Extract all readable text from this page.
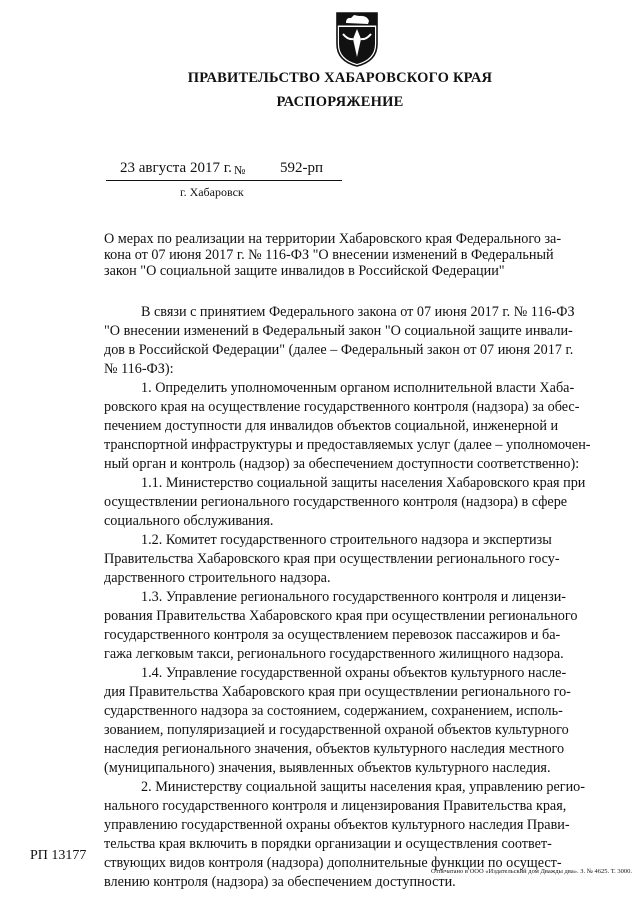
ПРАВИТЕЛЬСТВО ХАБАРОВСКОГО КРАЯ
РАСПОРЯЖЕНИЕ
23 августа 2017 г. № 592-рп
г. Хабаровск

О мерах по реализации на территории Хабаровского края Федерального за-
кона от 07 июня 2017 г. № 116-ФЗ "О внесении изменений в Федеральный
закон "О социальной защите инвалидов в Российской Федерации"

В связи с принятием Федерального закона от 07 июня 2017 г. № 116-ФЗ
"О внесении изменений в Федеральный закон "О социальной защите инвали-
дов в Российской Федерации" (далее – Федеральный закон от 07 июня 2017 г.
№ 116-ФЗ):

1. Определить уполномоченным органом исполнительной власти Хаба-
ровского края на осуществление государственного контроля (надзора) за обес-
печением доступности для инвалидов объектов социальной, инженерной и
транспортной инфраструктуры и предоставляемых услуг (далее – уполномочен-
ный орган и контроль (надзор) за обеспечением доступности соответственно):

1.1. Министерство социальной защиты населения Хабаровского края при
осуществлении регионального государственного контроля (надзора) в сфере
социального обслуживания.

1.2. Комитет государственного строительного надзора и экспертизы
Правительства Хабаровского края при осуществлении регионального госу-
дарственного строительного надзора.

1.3. Управление регионального государственного контроля и лицензи-
рования Правительства Хабаровского края при осуществлении регионального
государственного контроля за осуществлением перевозок пассажиров и ба-
гажа легковым такси, регионального государственного жилищного надзора.

1.4. Управление государственной охраны объектов культурного насле-
дия Правительства Хабаровского края при осуществлении регионального го-
сударственного надзора за состоянием, содержанием, сохранением, исполь-
зованием, популяризацией и государственной охраной объектов культурного
наследия регионального значения, объектов культурного наследия местного
(муниципального) значения, выявленных объектов культурного наследия.

2. Министерству социальной защиты населения края, управлению регио-
нального государственного контроля и лицензирования Правительства края,
управлению государственной охраны объектов культурного наследия Прави-
тельства края включить в порядки организации и осуществления соответ-
ствующих видов контроля (надзора) дополнительные функции по осущест-
влению контроля (надзора) за обеспечением доступности.

РП 13177
Отпечатано в ООО «Издательский дом Дважды два». З. № 4625. Т. 3000.
